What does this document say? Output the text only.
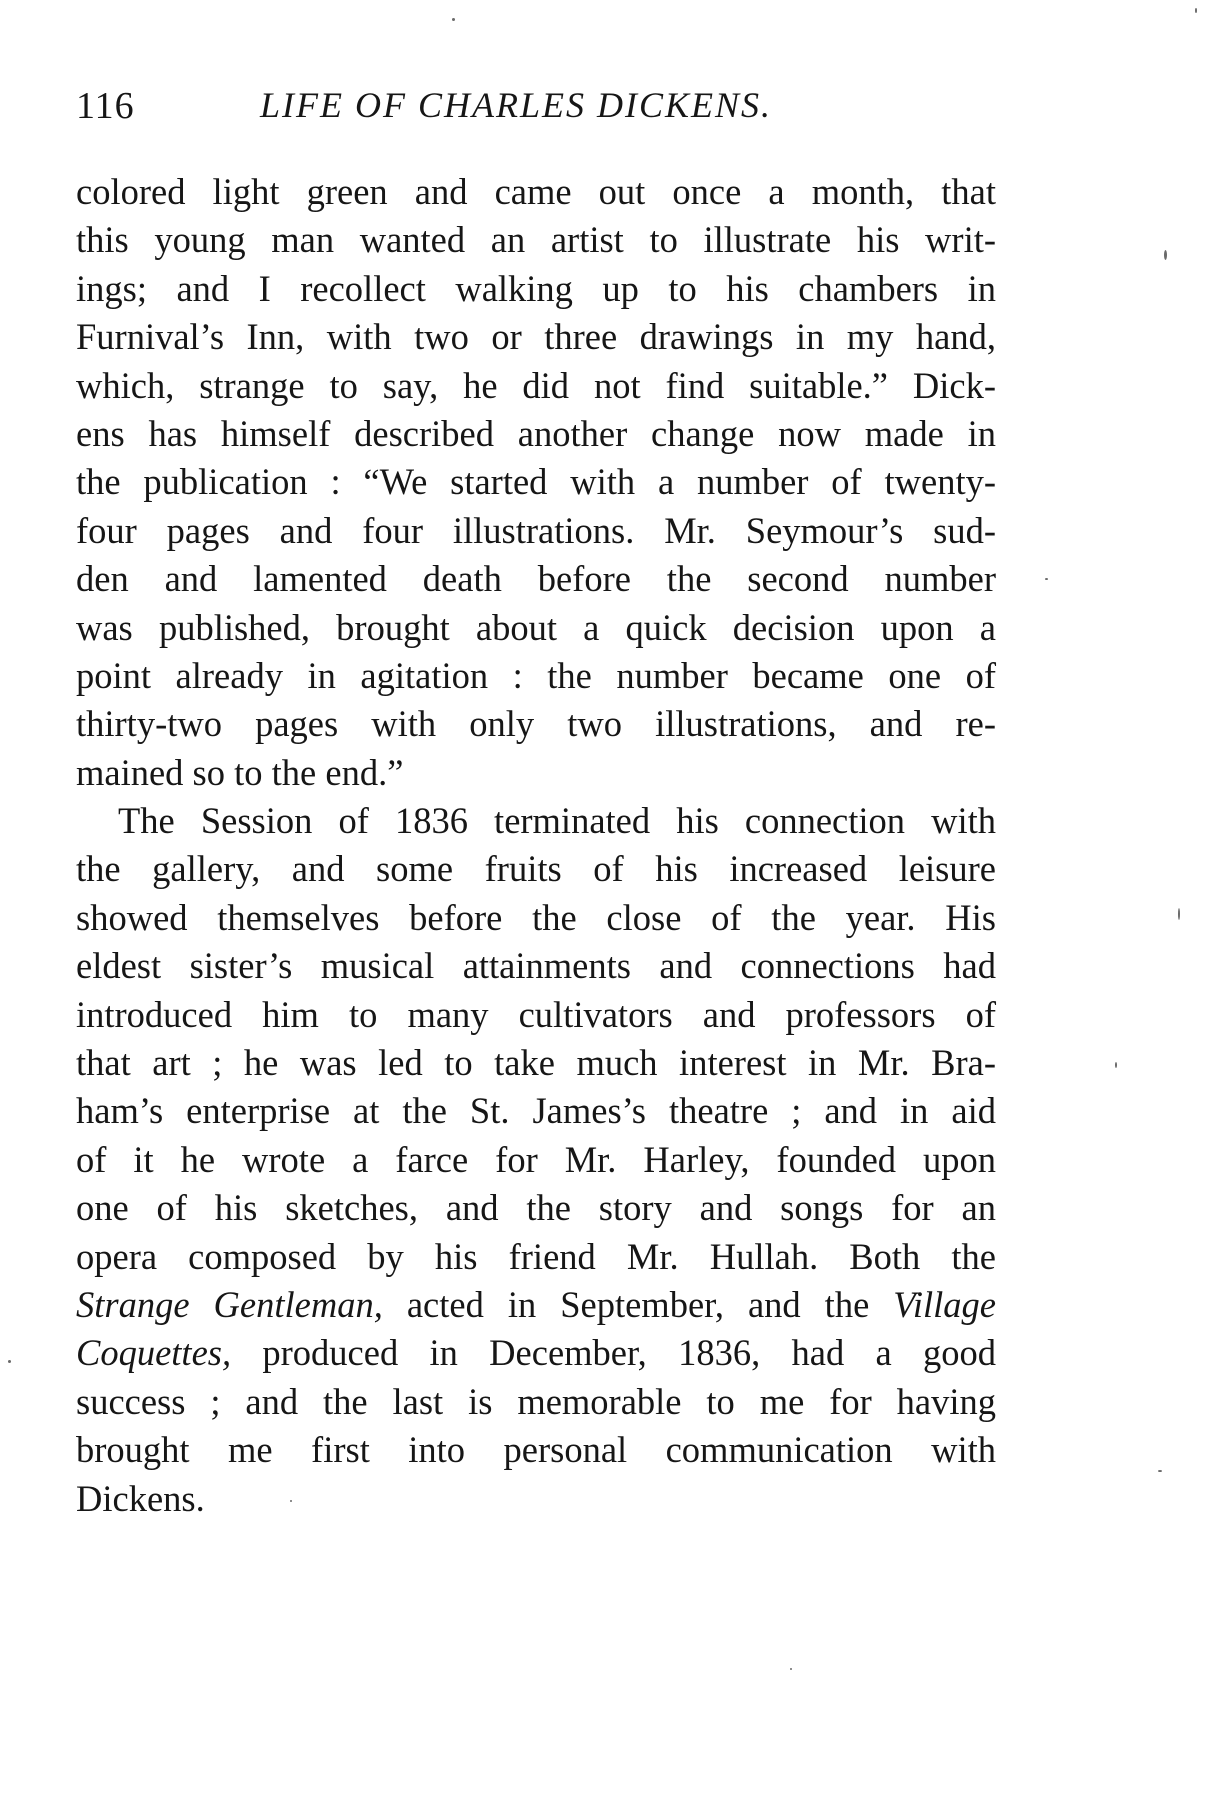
116	LIFE OF CHARLES DICKENS.
colored light green and came out once a month, that
this young man wanted an artist to illustrate his writ-
ings; and I recollect walking up to his chambers in
Furnival’s Inn, with two or three drawings in my hand,
which, strange to say, he did not find suitable.” Dick-
ens has himself described another change now made in
the publication : “We started with a number of twenty-
four pages and four illustrations. Mr. Seymour’s sud-
den and lamented death before the second number
was published, brought about a quick decision upon a
point already in agitation : the number became one of
thirty-two pages with only two illustrations, and re-
mained so to the end.”
The Session of 1836 terminated his connection with
the gallery, and some fruits of his increased leisure
showed themselves before the close of the year. His
eldest sister’s musical attainments and connections had
introduced him to many cultivators and professors of
that art ; he was led to take much interest in Mr. Bra-
ham’s enterprise at the St. James’s theatre ; and in aid
of it he wrote a farce for Mr. Harley, founded upon
one of his sketches, and the story and songs for an
opera composed by his friend Mr. Hullah. Both the
Strange Gentleman, acted in September, and the Village
Coquettes, produced in December, 1836, had a good
success ; and the last is memorable to me for having
brought me first into personal communication with
Dickens.
